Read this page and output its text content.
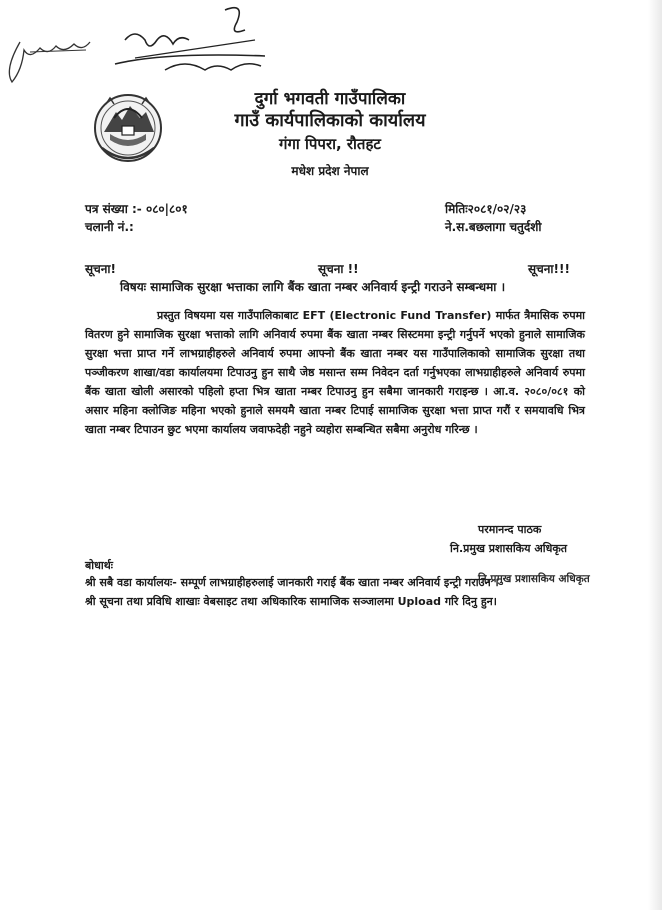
दुर्गा भगवती गाउँपालिका
गाउँ कार्यपालिकाको कार्यालय
गंगा पिपरा, रौतहट
मधेश प्रदेश नेपाल
पत्र संख्या :- ०८०|८०१
चलानी नं.:
मितिः२०८१/०२/२३
ने.स.बछलागा चतुर्दशी
सूचना!	सूचना !!	सूचना!!!
विषयः सामाजिक सुरक्षा भत्ताका लागि बैंक खाता नम्बर अनिवार्य इन्ट्री गराउने सम्बन्धमा ।
प्रस्तुत विषयमा यस गाउँपालिकाबाट EFT (Electronic Fund Transfer) मार्फत त्रैमासिक रुपमा वितरण हुने सामाजिक सुरक्षा भत्ताको लागि अनिवार्य रुपमा बैंक खाता नम्बर सिस्टममा इन्ट्री गर्नुपर्ने भएको हुनाले सामाजिक सुरक्षा भत्ता प्राप्त गर्ने लाभग्राहीहरुले अनिवार्य रुपमा आफ्नो बैंक खाता नम्बर यस गाउँपालिकाको सामाजिक सुरक्षा तथा पञ्जीकरण शाखा/वडा कार्यालयमा टिपाउनु हुन साथै जेष्ठ मसान्त सम्म निवेदन दर्ता गर्नुभएका लाभग्राहीहरुले अनिवार्य रुपमा बैंक खाता खोली असारको पहिलो हप्ता भित्र खाता नम्बर टिपाउनु हुन सबैमा जानकारी गराइन्छ । आ.व. २०८०/०८१ को असार महिना क्लोजिङ महिना भएको हुनाले समयमै खाता नम्बर टिपाई सामाजिक सुरक्षा भत्ता प्राप्त गरौं र समयावधि भित्र खाता नम्बर टिपाउन छुट भएमा कार्यालय जवाफदेही नहुने व्यहोरा सम्बन्धित सबैमा अनुरोध गरिन्छ ।

परमानन्द पाठक
नि.प्रमुख प्रशासकिय अधिकृत
बोधार्थः
श्री सबै वडा कार्यालयः- सम्पूर्ण लाभग्राहीहरुलाई जानकारी गराई बैंक खाता नम्बर अनिवार्य इन्ट्री गराउन ।
नि.प्रमुख प्रशासकिय अधिकृत
श्री सूचना तथा प्रविधि शाखाः वेबसाइट तथा अधिकारिक सामाजिक सञ्जालमा Upload गरि दिनु हुन।
